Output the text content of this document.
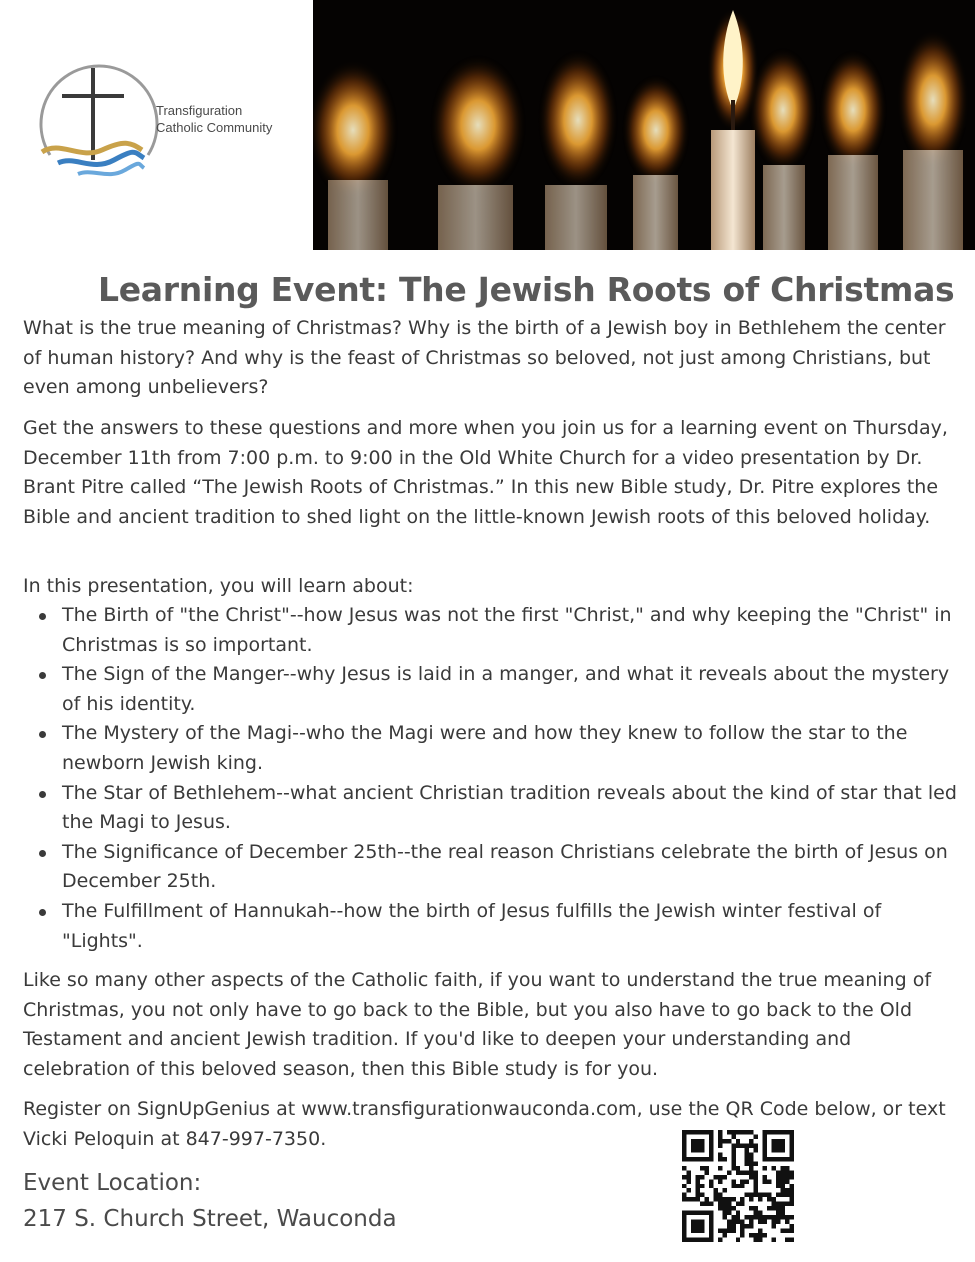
Transfiguration
Catholic Community
Learning Event: The Jewish Roots of Christmas

What is the true meaning of Christmas? Why is the birth of a Jewish boy in Bethlehem the center of human history? And why is the feast of Christmas so beloved, not just among Christians, but even among unbelievers?

Get the answers to these questions and more when you join us for a learning event on Thursday, December 11th from 7:00 p.m. to 9:00 in the Old White Church for a video presentation by Dr. Brant Pitre called “The Jewish Roots of Christmas.” In this new Bible study, Dr. Pitre explores the Bible and ancient tradition to shed light on the little-known Jewish roots of this beloved holiday.

In this presentation, you will learn about:

The Birth of "the Christ"--how Jesus was not the first "Christ," and why keeping the "Christ" in Christmas is so important.
The Sign of the Manger--why Jesus is laid in a manger, and what it reveals about the mystery of his identity.
The Mystery of the Magi--who the Magi were and how they knew to follow the star to the newborn Jewish king.
The Star of Bethlehem--what ancient Christian tradition reveals about the kind of star that led the Magi to Jesus.
The Significance of December 25th--the real reason Christians celebrate the birth of Jesus on December 25th.
The Fulfillment of Hannukah--how the birth of Jesus fulfills the Jewish winter festival of "Lights".

Like so many other aspects of the Catholic faith, if you want to understand the true meaning of Christmas, you not only have to go back to the Bible, but you also have to go back to the Old Testament and ancient Jewish tradition. If you'd like to deepen your understanding and celebration of this beloved season, then this Bible study is for you.

Register on SignUpGenius at www.transfigurationwauconda.com, use the QR Code below, or text Vicki Peloquin at 847-997-7350.

Event Location:

217 S. Church Street, Wauconda
